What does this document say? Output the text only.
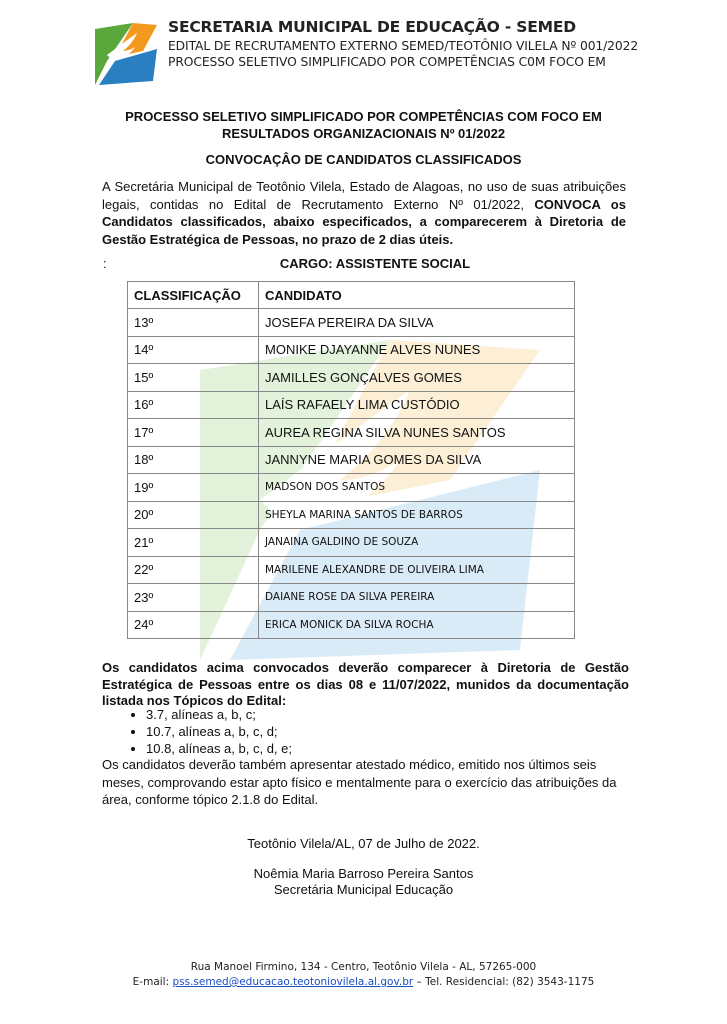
SECRETARIA MUNICIPAL DE EDUCAÇÃO - SEMED
EDITAL DE RECRUTAMENTO EXTERNO SEMED/TEOTÔNIO VILELA Nº 001/2022
PROCESSO SELETIVO SIMPLIFICADO POR COMPETÊNCIAS C0M FOCO EM
PROCESSO SELETIVO SIMPLIFICADO POR COMPETÊNCIAS COM FOCO EM RESULTADOS ORGANIZACIONAIS Nº 01/2022
CONVOCAÇÂO DE CANDIDATOS CLASSIFICADOS
A Secretária Municipal de Teotônio Vilela, Estado de Alagoas, no uso de suas atribuições legais, contidas no Edital de Recrutamento Externo Nº 01/2022, CONVOCA os Candidatos classificados, abaixo especificados, a comparecerem à Diretoria de Gestão Estratégica de Pessoas, no prazo de 2 dias úteis.
:	CARGO: ASSISTENTE SOCIAL
CLASSIFICAÇÃO	CANDIDATO
13º	JOSEFA PEREIRA DA SILVA
14º	MONIKE DJAYANNE ALVES NUNES
15º	JAMILLES GONÇALVES GOMES
16º	LAÍS RAFAELY LIMA CUSTÓDIO
17º	AUREA REGINA SILVA NUNES SANTOS
18º	JANNYNE MARIA GOMES DA SILVA
19º	MADSON DOS SANTOS
20º	SHEYLA MARINA SANTOS DE BARROS
21º	JANAINA GALDINO DE SOUZA
22º	MARILENE ALEXANDRE DE OLIVEIRA LIMA
23º	DAIANE ROSE DA SILVA PEREIRA
24º	ERICA MONICK DA SILVA ROCHA
Os candidatos acima convocados deverão comparecer à Diretoria de Gestão Estratégica de Pessoas entre os dias 08 e 11/07/2022, munidos da documentação listada nos Tópicos do Edital:
• 3.7, alíneas a, b, c;
• 10.7, alíneas a, b, c, d;
• 10.8, alíneas a, b, c, d, e;
Os candidatos deverão também apresentar atestado médico, emitido nos últimos seis meses, comprovando estar apto físico e mentalmente para o exercício das atribuições da área, conforme tópico 2.1.8 do Edital.
Teotônio Vilela/AL, 07 de Julho de 2022.
Noêmia Maria Barroso Pereira Santos
Secretária Municipal Educação
Rua Manoel Firmino, 134 - Centro, Teotônio Vilela - AL, 57265-000
E-mail: pss.semed@educacao.teotoniovilela.al.gov.br – Tel. Residencial: (82) 3543-1175
